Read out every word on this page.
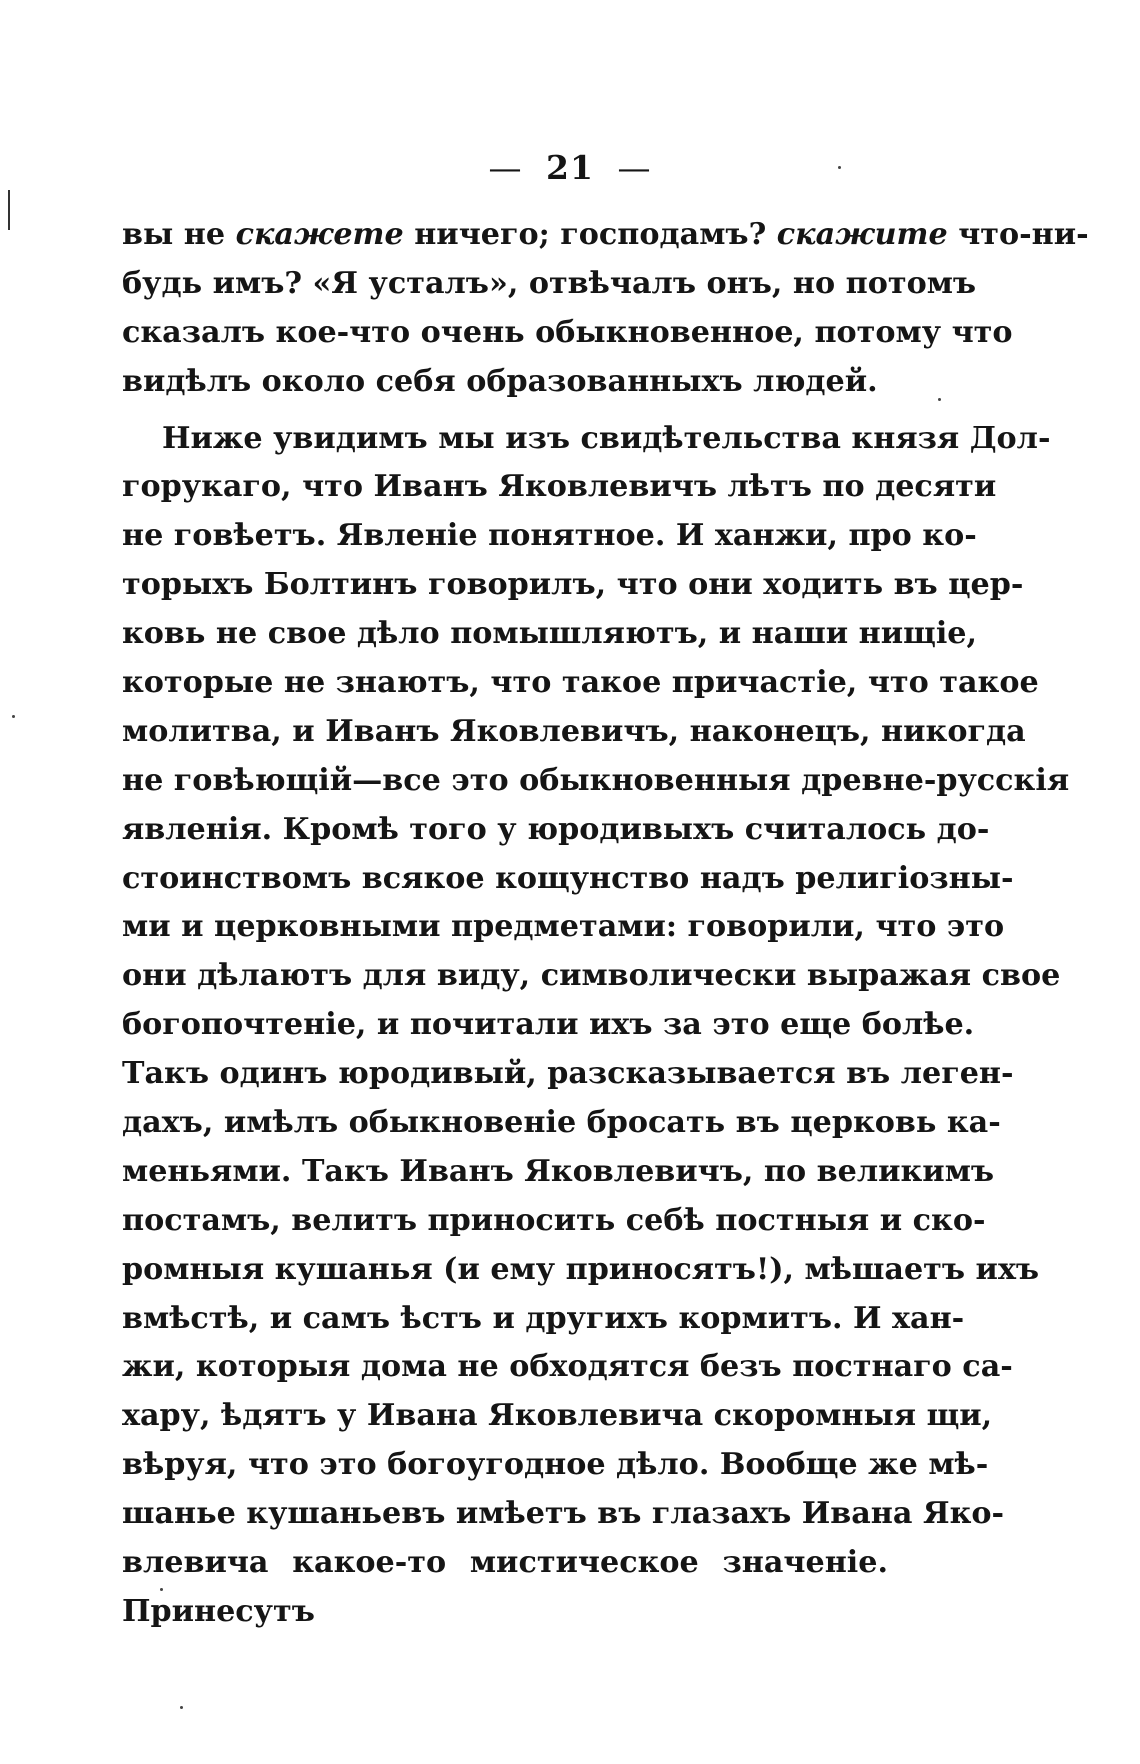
— 21 —
вы не скажете ничего; господамъ? скажите что-ни-
будь имъ? «Я усталъ», отвѣчалъ онъ, но потомъ
сказалъ кое-что очень обыкновенное, потому что
видѣлъ около себя образованныхъ людей.
Ниже увидимъ мы изъ свидѣтельства князя Дол-
горукаго, что Иванъ Яковлевичъ лѣтъ по десяти
не говѣетъ. Явленіе понятное. И ханжи, про ко-
торыхъ Болтинъ говорилъ, что они ходить въ цер-
ковь не свое дѣло помышляютъ, и наши нищіе,
которые не знаютъ, что такое причастіе, что такое
молитва, и Иванъ Яковлевичъ, наконецъ, никогда
не говѣющій—все это обыкновенныя древне-русскія
явленія. Кромѣ того у юродивыхъ считалось до-
стоинствомъ всякое кощунство надъ религіозны-
ми и церковными предметами: говорили, что это
они дѣлаютъ для виду, символически выражая свое
богопочтеніе, и почитали ихъ за это еще болѣе.
Такъ одинъ юродивый, разсказывается въ леген-
дахъ, имѣлъ обыкновеніе бросать въ церковь ка-
меньями. Такъ Иванъ Яковлевичъ, по великимъ
постамъ, велитъ приносить себѣ постныя и ско-
ромныя кушанья (и ему приносятъ!), мѣшаетъ ихъ
вмѣстѣ, и самъ ѣстъ и другихъ кормитъ. И хан-
жи, которыя дома не обходятся безъ постнаго са-
хару, ѣдятъ у Ивана Яковлевича скоромныя щи,
вѣруя, что это богоугодное дѣло. Вообще же мѣ-
шанье кушаньевъ имѣетъ въ глазахъ Ивана Яко-
влевича какое-то мистическое значеніе. Принесутъ
